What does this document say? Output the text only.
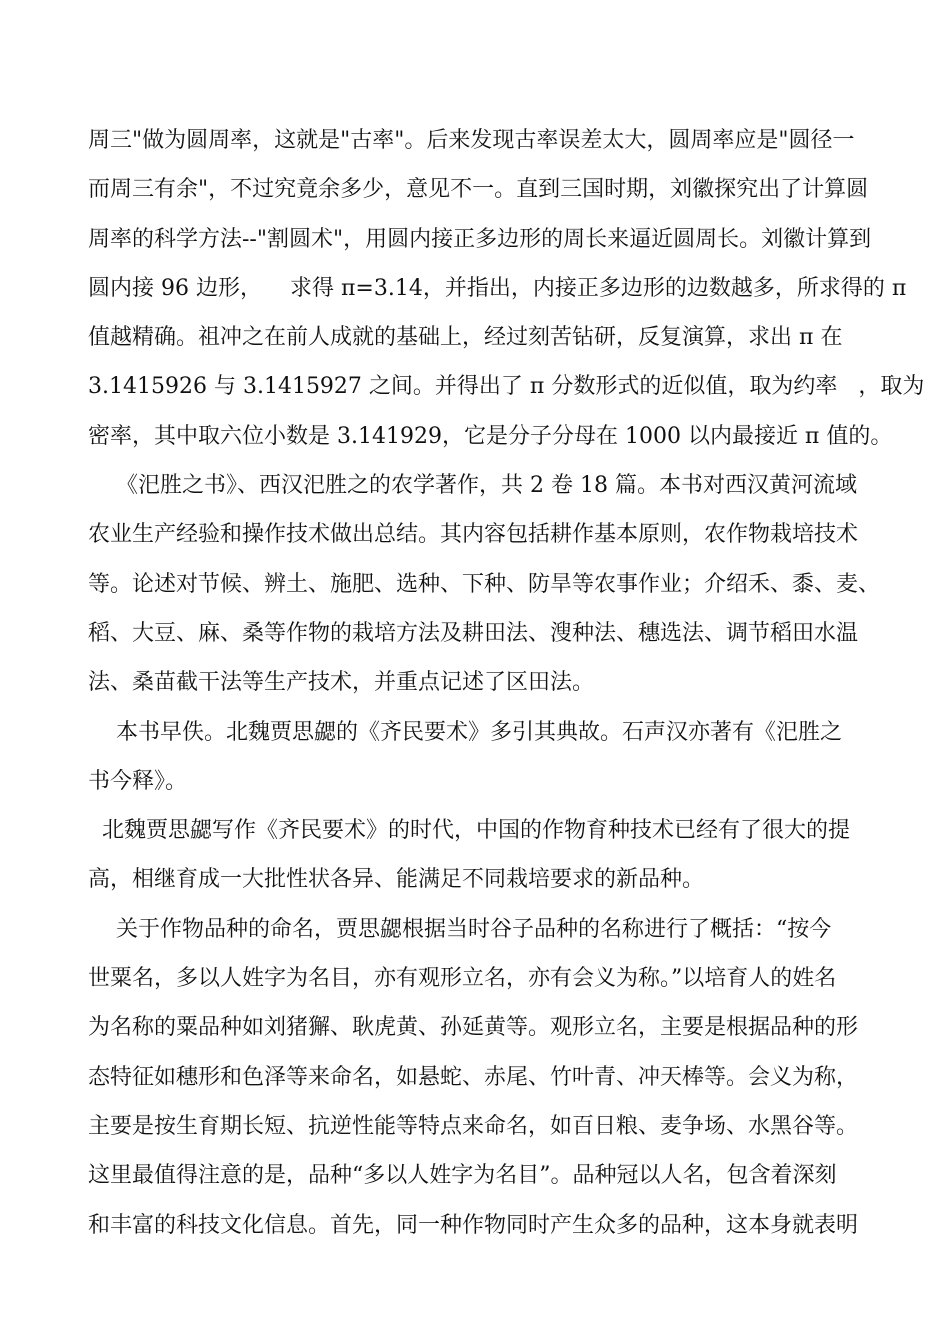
周三"做为圆周率，这就是"古率"。后来发现古率误差太大，圆周率应是"圆径一
而周三有余"，不过究竟余多少，意见不一。直到三国时期，刘徽探究出了计算圆
周率的科学方法--"割圆术"，用圆内接正多边形的周长来逼近圆周长。刘徽计算到
圆内接 96 边形，    求得 π=3.14，并指出，内接正多边形的边数越多，所求得的 π
值越精确。祖冲之在前人成就的基础上，经过刻苦钻研，反复演算，求出 π 在
3.1415926 与 3.1415927 之间。并得出了 π 分数形式的近似值，取为约率   ，取为
密率，其中取六位小数是 3.141929，它是分子分母在 1000 以内最接近 π 值的。
《汜胜之书》、西汉汜胜之的农学著作，共 2 卷 18 篇。本书对西汉黄河流域
农业生产经验和操作技术做出总结。其内容包括耕作基本原则，农作物栽培技术
等。论述对节候、辨土、施肥、选种、下种、防旱等农事作业；介绍禾、黍、麦、
稻、大豆、麻、桑等作物的栽培方法及耕田法、溲种法、穗选法、调节稻田水温
法、桑苗截干法等生产技术，并重点记述了区田法。
本书早佚。北魏贾思勰的《齐民要术》多引其典故。石声汉亦著有《汜胜之
书今释》。
北魏贾思勰写作《齐民要术》的时代，中国的作物育种技术已经有了很大的提
高，相继育成一大批性状各异、能满足不同栽培要求的新品种。
关于作物品种的命名，贾思勰根据当时谷子品种的名称进行了概括：“按今
世粟名，多以人姓字为名目，亦有观形立名，亦有会义为称。”以培育人的姓名
为名称的粟品种如刘猪獬、耿虎黄、孙延黄等。观形立名，主要是根据品种的形
态特征如穗形和色泽等来命名，如悬蛇、赤尾、竹叶青、冲天棒等。会义为称，
主要是按生育期长短、抗逆性能等特点来命名，如百日粮、麦争场、水黑谷等。
这里最值得注意的是，品种“多以人姓字为名目”。品种冠以人名，包含着深刻
和丰富的科技文化信息。首先，同一种作物同时产生众多的品种，这本身就表明
